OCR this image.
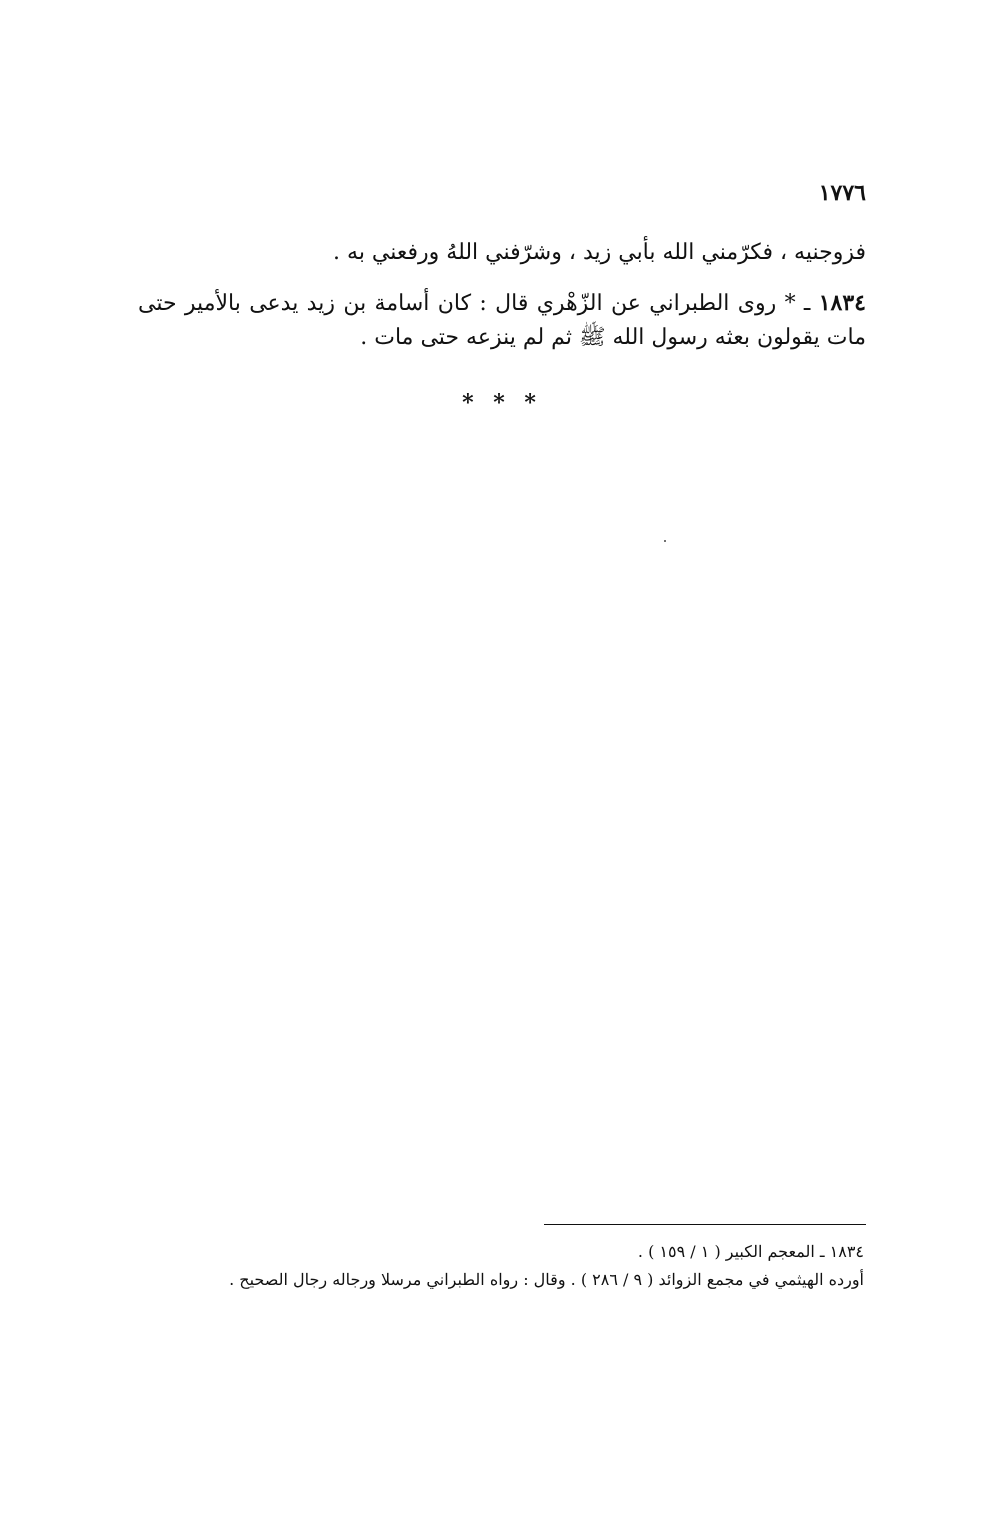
١٧٧٦

فزوجنيه ، فكرّمني الله بأبي زيد ، وشرّفني اللهُ ورفعني به .

١٨٣٤ ـ * روى الطبراني عن الزّهْري قال : كان أسامة بن زيد يدعى بالأمير حتى مات يقولون بعثه رسول الله ﷺ ثم لم ينزعه حتى مات .

* * *

١٨٣٤ ـ المعجم الكبير ( ١ / ١٥٩ ) .

أورده الهيثمي في مجمع الزوائد ( ٩ / ٢٨٦ ) . وقال : رواه الطبراني مرسلا ورجاله رجال الصحيح .
